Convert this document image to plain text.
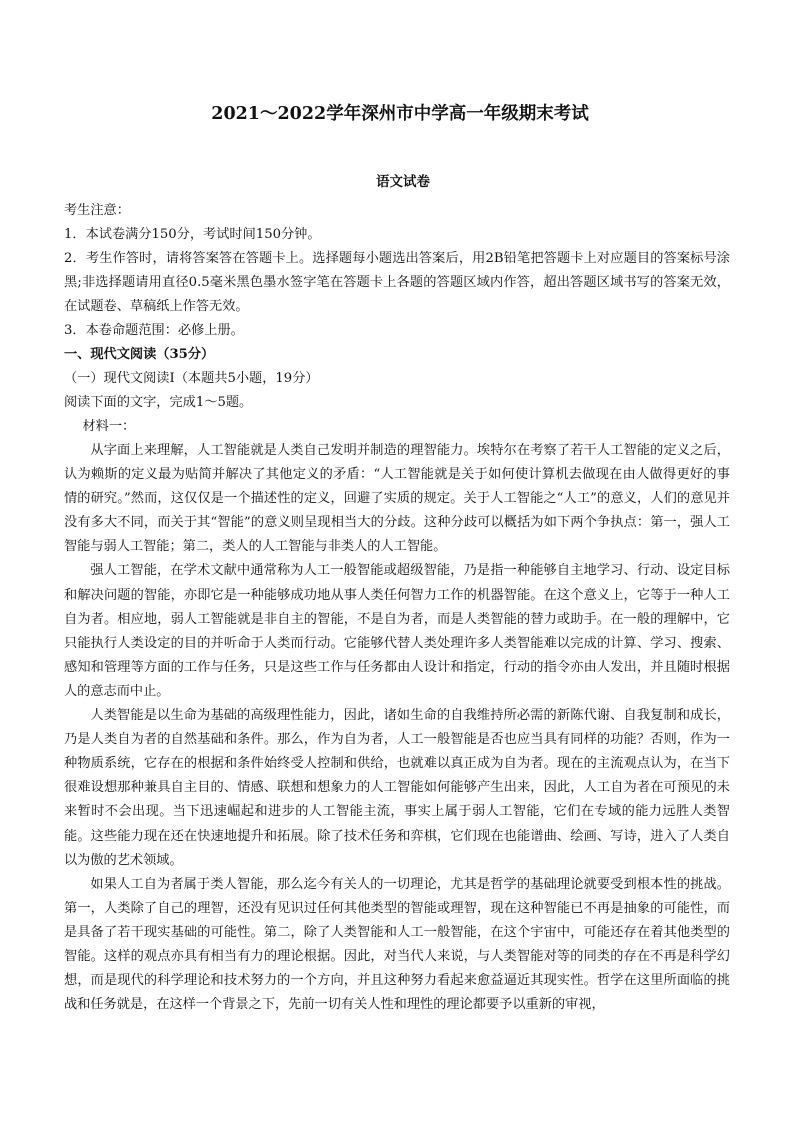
2021～2022学年深州市中学高一年级期末考试
语文试卷

考生注意：

1．本试卷满分150分，考试时间150分钟。

2．考生作答时，请将答案答在答题卡上。选择题每小题选出答案后，用2B铅笔把答题卡上对应题目的答案标号涂黑;非选择题请用直径0.5毫米黑色墨水签字笔在答题卡上各题的答题区域内作答，超出答题区域书写的答案无效，在试题卷、草稿纸上作答无效。

3．本卷命题范围：必修上册。

一、现代文阅读（35分）

（一）现代文阅读Ⅰ（本题共5小题，19分）

阅读下面的文字，完成1～5题。

材料一：

从字面上来理解，人工智能就是人类自己发明并制造的理智能力。埃特尔在考察了若干人工智能的定义之后，认为赖斯的定义最为贴简并解决了其他定义的矛盾：“人工智能就是关于如何使计算机去做现在由人做得更好的事情的研究。”然而，这仅仅是一个描述性的定义，回避了实质的规定。关于人工智能之“人工”的意义，人们的意见并没有多大不同，而关于其“智能”的意义则呈现相当大的分歧。这种分歧可以概括为如下两个争执点：第一，强人工智能与弱人工智能；第二，类人的人工智能与非类人的人工智能。

强人工智能，在学术文献中通常称为人工一般智能或超级智能，乃是指一种能够自主地学习、行动、设定目标和解决问题的智能，亦即它是一种能够成功地从事人类任何智力工作的机器智能。在这个意义上，它等于一种人工自为者。相应地，弱人工智能就是非自主的智能，不是自为者，而是人类智能的替力或助手。在一般的理解中，它只能执行人类设定的目的并听命于人类而行动。它能够代替人类处理许多人类智能难以完成的计算、学习、搜索、感知和管理等方面的工作与任务，只是这些工作与任务都由人设计和指定，行动的指令亦由人发出，并且随时根据人的意志而中止。

人类智能是以生命为基础的高级理性能力，因此，诸如生命的自我维持所必需的新陈代谢、自我复制和成长，乃是人类自为者的自然基础和条件。那么，作为自为者，人工一般智能是否也应当具有同样的功能？否则，作为一种物质系统，它存在的根据和条件始终受人控制和供给，也就难以真正成为自为者。现在的主流观点认为，在当下很难设想那种兼具自主目的、情感、联想和想象力的人工智能如何能够产生出来，因此，人工自为者在可预见的未来暂时不会出现。当下迅速崛起和进步的人工智能主流，事实上属于弱人工智能，它们在专域的能力远胜人类智能。这些能力现在还在快速地提升和拓展。除了技术任务和弈棋，它们现在也能谱曲、绘画、写诗，进入了人类自以为傲的艺术领域。

如果人工自为者属于类人智能，那么迄今有关人的一切理论，尤其是哲学的基础理论就要受到根本性的挑战。第一，人类除了自己的理智，还没有见识过任何其他类型的智能或理智，现在这种智能已不再是抽象的可能性，而是具备了若干现实基础的可能性。第二，除了人类智能和人工一般智能，在这个宇宙中，可能还存在着其他类型的智能。这样的观点亦具有相当有力的理论根据。因此，对当代人来说，与人类智能对等的同类的存在不再是科学幻想，而是现代的科学理论和技术努力的一个方向，并且这种努力看起来愈益逼近其现实性。哲学在这里所面临的挑战和任务就是，在这样一个背景之下，先前一切有关人性和理性的理论都要予以重新的审视，
